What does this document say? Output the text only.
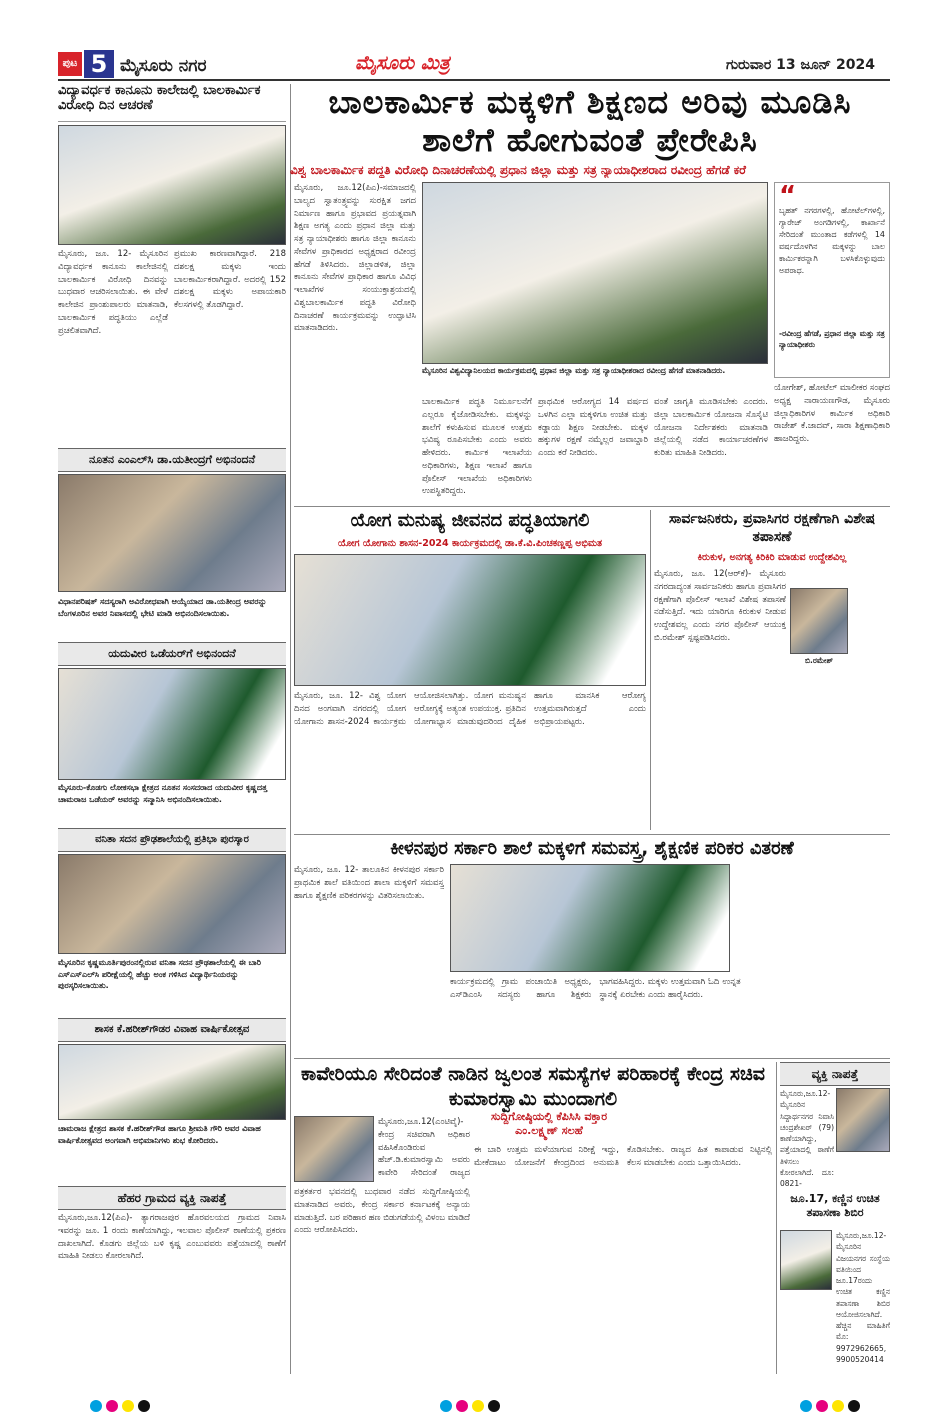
ಪುಟ 5 ಮೈಸೂರು ನಗರ	ಮೈಸೂರು ಮಿತ್ರ	ಗುರುವಾರ 13 ಜೂನ್ 2024
ವಿದ್ಯಾವರ್ಧಕ ಕಾನೂನು ಕಾಲೇಜಲ್ಲಿ ಬಾಲಕಾರ್ಮಿಕ ವಿರೋಧಿ ದಿನ ಆಚರಣೆ
ಮೈಸೂರು, ಜೂ. 12- ಮೈಸೂರಿನ ವಿದ್ಯಾವರ್ಧಕ ಕಾನೂನು ಕಾಲೇಜಿನಲ್ಲಿ ಬಾಲಕಾರ್ಮಿಕ ವಿರೋಧಿ ದಿನವನ್ನು ಬುಧವಾರ ಆಚರಿಸಲಾಯಿತು. ಈ ವೇಳೆ ಕಾಲೇಜಿನ ಪ್ರಾಂಶುಪಾಲರು ಮಾತನಾಡಿ, ಬಾಲಕಾರ್ಮಿಕ ಪದ್ಧತಿಯು ಎಲ್ಲೆಡೆ ಪ್ರಚಲಿತವಾಗಿದೆ.
ಪ್ರಮುಖ ಕಾರಣವಾಗಿದ್ದಾರೆ. 218 ದಶಲಕ್ಷ ಮಕ್ಕಳು ಇಂದು ಬಾಲಕಾರ್ಮಿಕರಾಗಿದ್ದಾರೆ. ಅದರಲ್ಲಿ 152 ದಶಲಕ್ಷ ಮಕ್ಕಳು ಅಪಾಯಕಾರಿ ಕೆಲಸಗಳಲ್ಲಿ ತೊಡಗಿದ್ದಾರೆ.
ನೂತನ ಎಂಎಲ್‌ಸಿ ಡಾ.ಯತೀಂದ್ರಗೆ ಅಭಿನಂದನೆ
ವಿಧಾನಪರಿಷತ್ ಸದಸ್ಯರಾಗಿ ಅವಿರೋಧವಾಗಿ ಆಯ್ಕೆಯಾದ ಡಾ.ಯತೀಂದ್ರ ಅವರನ್ನು ಬೆಂಗಳೂರಿನ ಅವರ ನಿವಾಸದಲ್ಲಿ ಭೇಟಿ ಮಾಡಿ ಅಭಿನಂದಿಸಲಾಯಿತು.
ಯದುವೀರ ಒಡೆಯರ್‌ಗೆ ಅಭಿನಂದನೆ
ಮೈಸೂರು-ಕೊಡಗು ಲೋಕಸಭಾ ಕ್ಷೇತ್ರದ ನೂತನ ಸಂಸದರಾದ ಯದುವೀರ ಕೃಷ್ಣದತ್ತ ಚಾಮರಾಜ ಒಡೆಯರ್ ಅವರನ್ನು ಸನ್ಮಾನಿಸಿ ಅಭಿನಂದಿಸಲಾಯಿತು.
ವನಿತಾ ಸದನ ಪ್ರೌಢಶಾಲೆಯಲ್ಲಿ ಪ್ರತಿಭಾ ಪುರಸ್ಕಾರ
ಮೈಸೂರಿನ ಕೃಷ್ಣಮೂರ್ತಿಪುರಂನಲ್ಲಿರುವ ವನಿತಾ ಸದನ ಪ್ರೌಢಶಾಲೆಯಲ್ಲಿ ಈ ಬಾರಿ ಎಸ್ಎಸ್ಎಲ್‌ಸಿ ಪರೀಕ್ಷೆಯಲ್ಲಿ ಹೆಚ್ಚು ಅಂಕ ಗಳಿಸಿದ ವಿದ್ಯಾರ್ಥಿನಿಯರನ್ನು ಪುರಸ್ಕರಿಸಲಾಯಿತು.
ಶಾಸಕ ಕೆ.ಹರೀಶ್‌ಗೌಡರ ವಿವಾಹ ವಾರ್ಷಿಕೋತ್ಸವ
ಚಾಮರಾಜ ಕ್ಷೇತ್ರದ ಶಾಸಕ ಕೆ.ಹರೀಶ್‌ಗೌಡ ಹಾಗೂ ಶ್ರೀಮತಿ ಗೌರಿ ಅವರ ವಿವಾಹ ವಾರ್ಷಿಕೋತ್ಸವದ ಅಂಗವಾಗಿ ಅಭಿಮಾನಿಗಳು ಶುಭ ಕೋರಿದರು.
ಹೆಹರ ಗ್ರಾಮದ ವ್ಯಕ್ತಿ ನಾಪತ್ತೆ
ಮೈಸೂರು,ಜೂ.12(ಪಿಎ)- ತ್ಯಾಗರಾಜಪುರ ಹೊರವಲಯದ ಗ್ರಾಮದ ನಿವಾಸಿ ಇವರನ್ನು ಜೂ. 1 ರಂದು ಕಾಣೆಯಾಗಿದ್ದು, ಇಲವಾಲ ಪೊಲೀಸ್ ಠಾಣೆಯಲ್ಲಿ ಪ್ರಕರಣ ದಾಖಲಾಗಿದೆ. ಕೊಡಗು ಜಿಲ್ಲೆಯ ಬಳಿ ಕೃಷ್ಣ ಎಂಬುವವರು ಪತ್ತೆಯಾದಲ್ಲಿ ಠಾಣೆಗೆ ಮಾಹಿತಿ ನೀಡಲು ಕೋರಲಾಗಿದೆ.
ಬಾಲಕಾರ್ಮಿಕ ಮಕ್ಕಳಿಗೆ ಶಿಕ್ಷಣದ ಅರಿವು ಮೂಡಿಸಿ ಶಾಲೆಗೆ ಹೋಗುವಂತೆ ಪ್ರೇರೇಪಿಸಿ
ವಿಶ್ವ ಬಾಲಕಾರ್ಮಿಕ ಪದ್ಧತಿ ವಿರೋಧಿ ದಿನಾಚರಣೆಯಲ್ಲಿ ಪ್ರಧಾನ ಜಿಲ್ಲಾ ಮತ್ತು ಸತ್ರ ನ್ಯಾಯಾಧೀಶರಾದ ರವೀಂದ್ರ ಹೆಗಡೆ ಕರೆ
ಮೈಸೂರು, ಜೂ.12(ಪಿಎ)-ಸಮಾಜದಲ್ಲಿ ಬಾಲ್ಯದ ಸ್ವಾತಂತ್ರ್ಯವನ್ನು ಸುರಕ್ಷಿತ ಜಗದ ನಿರ್ಮಾಣ ಹಾಗೂ ಪ್ರಭಾವದ ಪ್ರಯತ್ನವಾಗಿ ಶಿಕ್ಷಣ ಅಗತ್ಯ ಎಂದು ಪ್ರಧಾನ ಜಿಲ್ಲಾ ಮತ್ತು ಸತ್ರ ನ್ಯಾಯಾಧೀಶರು ಹಾಗೂ ಜಿಲ್ಲಾ ಕಾನೂನು ಸೇವೆಗಳ ಪ್ರಾಧಿಕಾರದ ಅಧ್ಯಕ್ಷರಾದ ರವೀಂದ್ರ ಹೆಗಡೆ ತಿಳಿಸಿದರು. ಜಿಲ್ಲಾಡಳಿತ, ಜಿಲ್ಲಾ ಕಾನೂನು ಸೇವೆಗಳ ಪ್ರಾಧಿಕಾರ ಹಾಗೂ ವಿವಿಧ ಇಲಾಖೆಗಳ ಸಂಯುಕ್ತಾಶ್ರಯದಲ್ಲಿ ವಿಶ್ವಬಾಲಕಾರ್ಮಿಕ ಪದ್ಧತಿ ವಿರೋಧಿ ದಿನಾಚರಣೆ ಕಾರ್ಯಕ್ರಮವನ್ನು ಉದ್ಘಾಟಿಸಿ ಮಾತನಾಡಿದರು.
ಮೈಸೂರಿನ ವಿಶ್ವವಿದ್ಯಾನಿಲಯದ ಕಾರ್ಯಕ್ರಮದಲ್ಲಿ ಪ್ರಧಾನ ಜಿಲ್ಲಾ ಮತ್ತು ಸತ್ರ ನ್ಯಾಯಾಧೀಶರಾದ ರವೀಂದ್ರ ಹೆಗಡೆ ಮಾತನಾಡಿದರು.
ಬಾಲಕಾರ್ಮಿಕ ಪದ್ಧತಿ ನಿರ್ಮೂಲನೆಗೆ ಎಲ್ಲರೂ ಕೈಜೋಡಿಸಬೇಕು. ಮಕ್ಕಳನ್ನು ಶಾಲೆಗೆ ಕಳುಹಿಸುವ ಮೂಲಕ ಉತ್ತಮ ಭವಿಷ್ಯ ರೂಪಿಸಬೇಕು ಎಂದು ಅವರು ಹೇಳಿದರು. ಕಾರ್ಮಿಕ ಇಲಾಖೆಯ ಅಧಿಕಾರಿಗಳು, ಶಿಕ್ಷಣ ಇಲಾಖೆ ಹಾಗೂ ಪೊಲೀಸ್ ಇಲಾಖೆಯ ಅಧಿಕಾರಿಗಳು ಉಪಸ್ಥಿತರಿದ್ದರು.
ಪ್ರಾಥಮಿಕ ಆರೋಗ್ಯದ 14 ವರ್ಷದ ಒಳಗಿನ ಎಲ್ಲಾ ಮಕ್ಕಳಿಗೂ ಉಚಿತ ಮತ್ತು ಕಡ್ಡಾಯ ಶಿಕ್ಷಣ ನೀಡಬೇಕು. ಮಕ್ಕಳ ಹಕ್ಕುಗಳ ರಕ್ಷಣೆ ನಮ್ಮೆಲ್ಲರ ಜವಾಬ್ದಾರಿ ಎಂದು ಕರೆ ನೀಡಿದರು.
ವಂತೆ ಜಾಗೃತಿ ಮೂಡಿಸಬೇಕು ಎಂದರು. ಜಿಲ್ಲಾ ಬಾಲಕಾರ್ಮಿಕ ಯೋಜನಾ ಸೊಸೈಟಿ ಯೋಜನಾ ನಿರ್ದೇಶಕರು ಮಾತನಾಡಿ ಜಿಲ್ಲೆಯಲ್ಲಿ ನಡೆದ ಕಾರ್ಯಾಚರಣೆಗಳ ಕುರಿತು ಮಾಹಿತಿ ನೀಡಿದರು.
“
ಬೃಹತ್ ನಗರಗಳಲ್ಲಿ, ಹೋಟೆಲ್‌ಗಳಲ್ಲಿ, ಗ್ಯಾರೇಜ್ ಅಂಗಡಿಗಳಲ್ಲಿ, ಕಾರ್ಖಾನೆ ಸೇರಿದಂತೆ ಮುಂತಾದ ಕಡೆಗಳಲ್ಲಿ 14 ವರ್ಷದೊಳಗಿನ ಮಕ್ಕಳನ್ನು ಬಾಲ ಕಾರ್ಮಿಕರನ್ನಾಗಿ ಬಳಸಿಕೊಳ್ಳುವುದು ಅಪರಾಧ.
-ರವೀಂದ್ರ ಹೆಗಡೆ, ಪ್ರಧಾನ ಜಿಲ್ಲಾ ಮತ್ತು ಸತ್ರ ನ್ಯಾಯಾಧೀಶರು
ಯೋಗೇಶ್, ಹೋಟೆಲ್ ಮಾಲೀಕರ ಸಂಘದ ಅಧ್ಯಕ್ಷ ನಾರಾಯಣಗೌಡ, ಮೈಸೂರು ಜಿಲ್ಲಾಧಿಕಾರಿಗಳ ಕಾರ್ಮಿಕ ಅಧಿಕಾರಿ ರಾಜೇಶ್ ಕೆ.ಜಾದವ್, ಸಾರಾ ಶಿಕ್ಷಣಾಧಿಕಾರಿ ಹಾಜರಿದ್ದರು.
ಯೋಗ ಮನುಷ್ಯ ಜೀವನದ ಪದ್ಧತಿಯಾಗಲಿ
ಯೋಗ ಯೋಗಾನು ಶಾಸನ-2024 ಕಾರ್ಯಕ್ರಮದಲ್ಲಿ ಡಾ.ಕೆ.ವಿ.ಪಿಂಚಕಣ್ಣಪ್ಪ ಅಭಿಮತ
ಮೈಸೂರು, ಜೂ. 12- ವಿಶ್ವ ಯೋಗ ದಿನದ ಅಂಗವಾಗಿ ನಗರದಲ್ಲಿ ಯೋಗ ಯೋಗಾನು ಶಾಸನ-2024 ಕಾರ್ಯಕ್ರಮ ಆಯೋಜಿಸಲಾಗಿತ್ತು. ಯೋಗ ಮನುಷ್ಯನ ಆರೋಗ್ಯಕ್ಕೆ ಅತ್ಯಂತ ಉಪಯುಕ್ತ. ಪ್ರತಿದಿನ ಯೋಗಾಭ್ಯಾಸ ಮಾಡುವುದರಿಂದ ದೈಹಿಕ ಹಾಗೂ ಮಾನಸಿಕ ಆರೋಗ್ಯ ಉತ್ತಮವಾಗಿರುತ್ತದೆ ಎಂದು ಅಭಿಪ್ರಾಯಪಟ್ಟರು.
ಸಾರ್ವಜನಿಕರು, ಪ್ರವಾಸಿಗರ ರಕ್ಷಣೆಗಾಗಿ ವಿಶೇಷ ತಪಾಸಣೆ
ಕಿರುಕುಳ, ಅನಗತ್ಯ ಕಿರಿಕಿರಿ ಮಾಡುವ ಉದ್ದೇಶವಿಲ್ಲ
ಬಿ.ರಮೇಶ್
ಮೈಸೂರು, ಜೂ. 12(ಆರ್‌ಕೆ)- ಮೈಸೂರು ನಗರದಾದ್ಯಂತ ಸಾರ್ವಜನಿಕರು ಹಾಗೂ ಪ್ರವಾಸಿಗರ ರಕ್ಷಣೆಗಾಗಿ ಪೊಲೀಸ್ ಇಲಾಖೆ ವಿಶೇಷ ತಪಾಸಣೆ ನಡೆಸುತ್ತಿದೆ. ಇದು ಯಾರಿಗೂ ಕಿರುಕುಳ ನೀಡುವ ಉದ್ದೇಶವಲ್ಲ ಎಂದು ನಗರ ಪೊಲೀಸ್ ಆಯುಕ್ತ ಬಿ.ರಮೇಶ್ ಸ್ಪಷ್ಟಪಡಿಸಿದರು.
ಕೀಳನಪುರ ಸರ್ಕಾರಿ ಶಾಲೆ ಮಕ್ಕಳಿಗೆ ಸಮವಸ್ತ್ರ, ಶೈಕ್ಷಣಿಕ ಪರಿಕರ ವಿತರಣೆ
ಮೈಸೂರು, ಜೂ. 12- ತಾಲೂಕಿನ ಕೀಳನಪುರ ಸರ್ಕಾರಿ ಪ್ರಾಥಮಿಕ ಶಾಲೆ ವತಿಯಿಂದ ಶಾಲಾ ಮಕ್ಕಳಿಗೆ ಸಮವಸ್ತ್ರ ಹಾಗೂ ಶೈಕ್ಷಣಿಕ ಪರಿಕರಗಳನ್ನು ವಿತರಿಸಲಾಯಿತು.
ಕಾರ್ಯಕ್ರಮದಲ್ಲಿ ಗ್ರಾಮ ಪಂಚಾಯಿತಿ ಅಧ್ಯಕ್ಷರು, ಎಸ್‌ಡಿಎಂಸಿ ಸದಸ್ಯರು ಹಾಗೂ ಶಿಕ್ಷಕರು ಭಾಗವಹಿಸಿದ್ದರು. ಮಕ್ಕಳು ಉತ್ತಮವಾಗಿ ಓದಿ ಉನ್ನತ ಸ್ಥಾನಕ್ಕೆ ಏರಬೇಕು ಎಂದು ಹಾರೈಸಿದರು.
ಕಾವೇರಿಯೂ ಸೇರಿದಂತೆ ನಾಡಿನ ಜ್ವಲಂತ ಸಮಸ್ಯೆಗಳ ಪರಿಹಾರಕ್ಕೆ ಕೇಂದ್ರ ಸಚಿವ ಕುಮಾರಸ್ವಾಮಿ ಮುಂದಾಗಲಿ
ಮೈಸೂರು,ಜೂ.12(ಎಂಟಿವೈ)- ಕೇಂದ್ರ ಸಚಿವರಾಗಿ ಅಧಿಕಾರ ವಹಿಸಿಕೊಂಡಿರುವ ಹೆಚ್.ಡಿ.ಕುಮಾರಸ್ವಾಮಿ ಅವರು ಕಾವೇರಿ ಸೇರಿದಂತೆ ರಾಜ್ಯದ
ಸುದ್ದಿಗೋಷ್ಠಿಯಲ್ಲಿ ಕೆಪಿಸಿಸಿ ವಕ್ತಾರ ಎಂ.ಲಕ್ಷ್ಮಣ್ ಸಲಹೆ
ಪತ್ರಕರ್ತರ ಭವನದಲ್ಲಿ ಬುಧವಾರ ನಡೆದ ಸುದ್ದಿಗೋಷ್ಠಿಯಲ್ಲಿ ಮಾತನಾಡಿದ ಅವರು, ಕೇಂದ್ರ ಸರ್ಕಾರ ಕರ್ನಾಟಕಕ್ಕೆ ಅನ್ಯಾಯ ಮಾಡುತ್ತಿದೆ. ಬರ ಪರಿಹಾರ ಹಣ ಬಿಡುಗಡೆಯಲ್ಲಿ ವಿಳಂಬ ಮಾಡಿದೆ ಎಂದು ಆರೋಪಿಸಿದರು.
ಈ ಬಾರಿ ಉತ್ತಮ ಮಳೆಯಾಗುವ ನಿರೀಕ್ಷೆ ಇದ್ದು, ಮೇಕೆದಾಟು ಯೋಜನೆಗೆ ಕೇಂದ್ರದಿಂದ ಅನುಮತಿ ಕೊಡಿಸಬೇಕು. ರಾಜ್ಯದ ಹಿತ ಕಾಪಾಡುವ ನಿಟ್ಟಿನಲ್ಲಿ ಕೆಲಸ ಮಾಡಬೇಕು ಎಂದು ಒತ್ತಾಯಿಸಿದರು.
ವ್ಯಕ್ತಿ ನಾಪತ್ತೆ
ಮೈಸೂರು,ಜೂ.12-ಮೈಸೂರಿನ ಸಿದ್ದಾರ್ಥನಗರ ನಿವಾಸಿ ಚಂದ್ರಶೇಖರ್ (79) ಕಾಣೆಯಾಗಿದ್ದು, ಪತ್ತೆಯಾದಲ್ಲಿ ಠಾಣೆಗೆ ತಿಳಿಸಲು ಕೋರಲಾಗಿದೆ. ದೂ: 0821-
ಜೂ.17, ಕಣ್ಣಿನ ಉಚಿತ ತಪಾಸಣಾ ಶಿಬಿರ
ಮೈಸೂರು,ಜೂ.12-ಮೈಸೂರಿನ ವಿಜಯನಗರ ಸಂಸ್ಥೆಯ ವತಿಯಿಂದ ಜೂ.17ರಂದು ಉಚಿತ ಕಣ್ಣಿನ ತಪಾಸಣಾ ಶಿಬಿರ ಆಯೋಜಿಸಲಾಗಿದೆ. ಹೆಚ್ಚಿನ ಮಾಹಿತಿಗೆ ಮೊ: 9972962665, 9900520414
